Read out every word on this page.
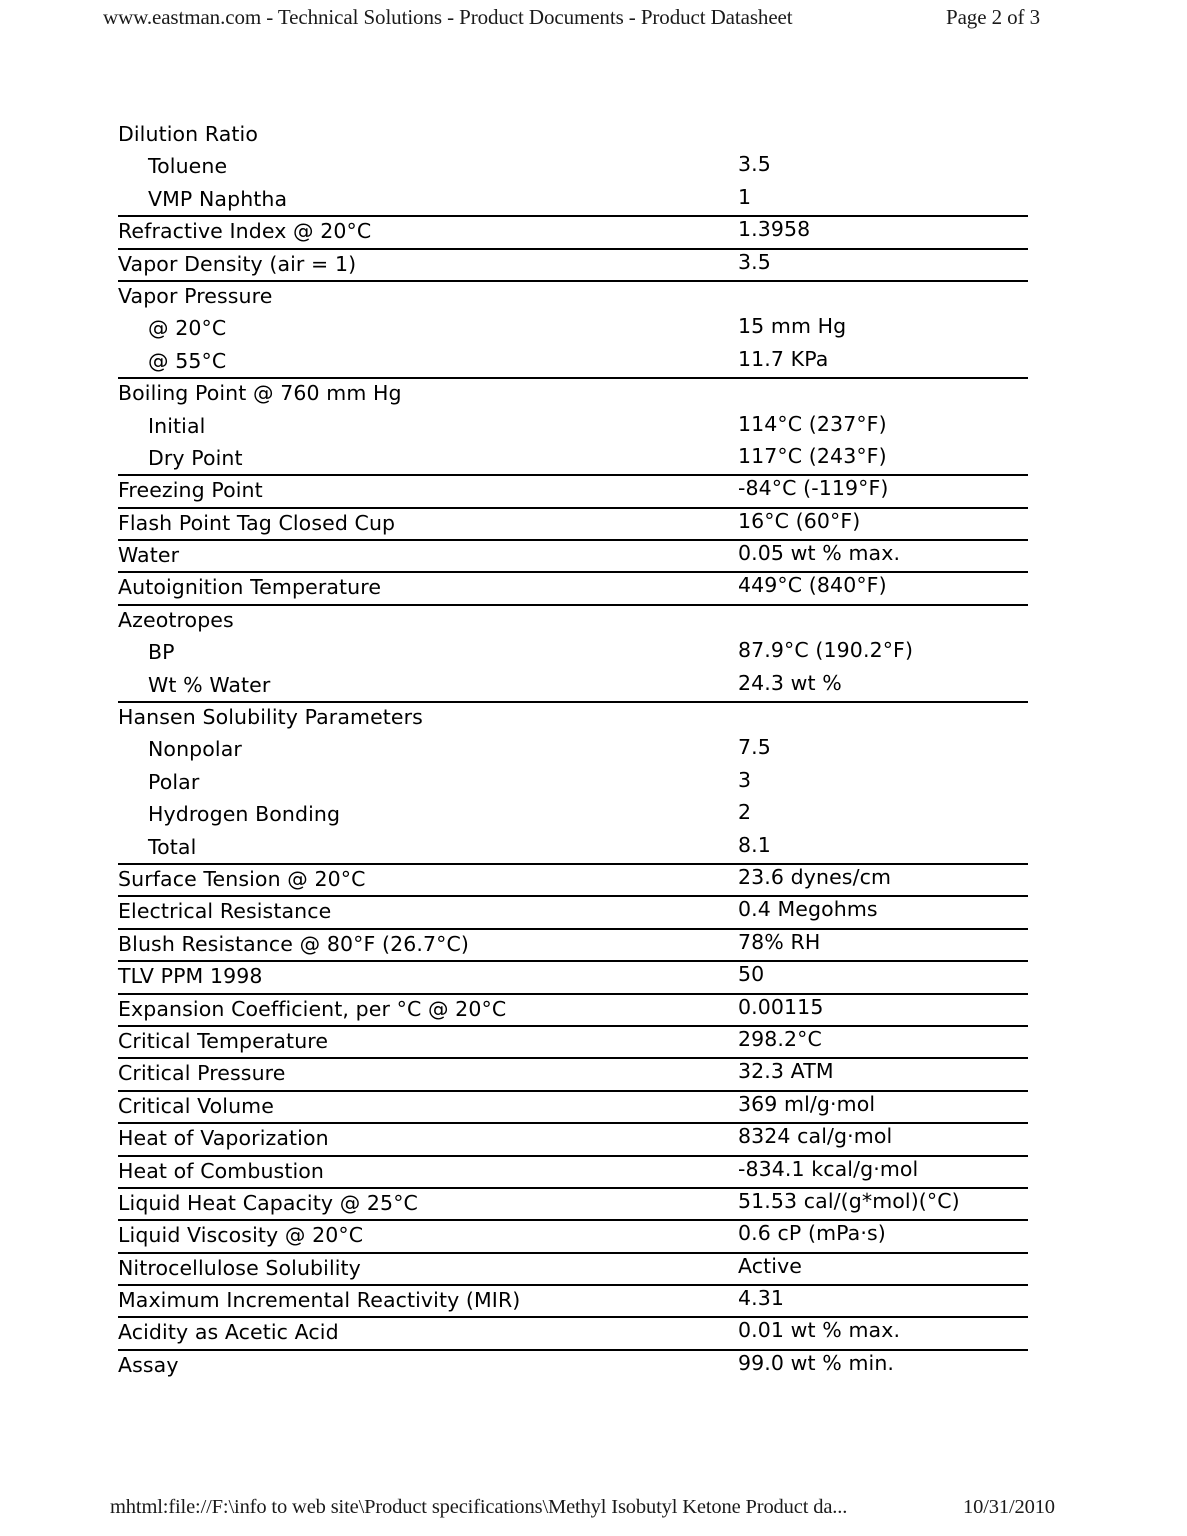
www.eastman.com - Technical Solutions - Product Documents - Product Datasheet	Page 2 of 3
Dilution Ratio
Toluene	3.5
VMP Naphtha	1
Refractive Index @ 20°C	1.3958
Vapor Density (air = 1)	3.5
Vapor Pressure
@ 20°C	15 mm Hg
@ 55°C	11.7 KPa
Boiling Point @ 760 mm Hg
Initial	114°C (237°F)
Dry Point	117°C (243°F)
Freezing Point	-84°C (-119°F)
Flash Point Tag Closed Cup	16°C (60°F)
Water	0.05 wt % max.
Autoignition Temperature	449°C (840°F)
Azeotropes
BP	87.9°C (190.2°F)
Wt % Water	24.3 wt %
Hansen Solubility Parameters
Nonpolar	7.5
Polar	3
Hydrogen Bonding	2
Total	8.1
Surface Tension @ 20°C	23.6 dynes/cm
Electrical Resistance	0.4 Megohms
Blush Resistance @ 80°F (26.7°C)	78% RH
TLV PPM 1998	50
Expansion Coefficient, per °C @ 20°C	0.00115
Critical Temperature	298.2°C
Critical Pressure	32.3 ATM
Critical Volume	369 ml/g·mol
Heat of Vaporization	8324 cal/g·mol
Heat of Combustion	-834.1 kcal/g·mol
Liquid Heat Capacity @ 25°C	51.53 cal/(g*mol)(°C)
Liquid Viscosity @ 20°C	0.6 cP (mPa·s)
Nitrocellulose Solubility	Active
Maximum Incremental Reactivity (MIR)	4.31
Acidity as Acetic Acid	0.01 wt % max.
Assay	99.0 wt % min.
mhtml:file://F:\info to web site\Product specifications\Methyl Isobutyl Ketone Product da...	10/31/2010
